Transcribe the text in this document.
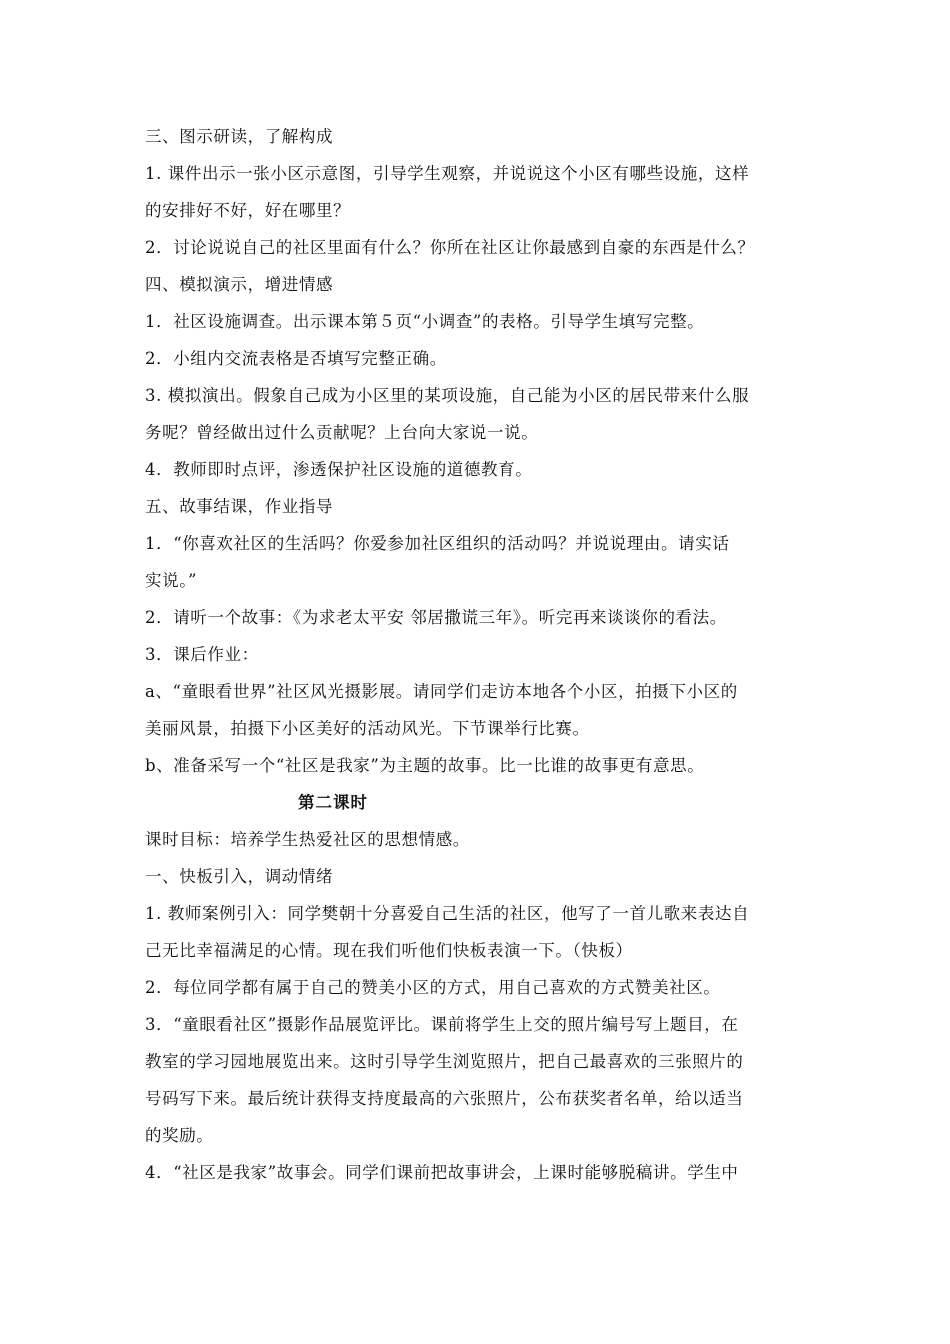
三、图示研读，了解构成
1. 课件出示一张小区示意图，引导学生观察，并说说这个小区有哪些设施，这样
的安排好不好，好在哪里？
2．讨论说说自己的社区里面有什么？你所在社区让你最感到自豪的东西是什么？
四、模拟演示，增进情感
1．社区设施调查。出示课本第５页“小调查”的表格。引导学生填写完整。
2．小组内交流表格是否填写完整正确。
3. 模拟演出。假象自己成为小区里的某项设施，自己能为小区的居民带来什么服
务呢？曾经做出过什么贡献呢？上台向大家说一说。
4．教师即时点评，渗透保护社区设施的道德教育。
五、故事结课，作业指导
1．“你喜欢社区的生活吗？你爱参加社区组织的活动吗？并说说理由。请实话
实说。”
2．请听一个故事：《为求老太平安 邻居撒谎三年》。听完再来谈谈你的看法。
3．课后作业：
a、“童眼看世界”社区风光摄影展。请同学们走访本地各个小区，拍摄下小区的
美丽风景，拍摄下小区美好的活动风光。下节课举行比赛。
b、准备采写一个“社区是我家”为主题的故事。比一比谁的故事更有意思。
第二课时
课时目标：培养学生热爱社区的思想情感。
一、快板引入，调动情绪
1. 教师案例引入：同学樊朝十分喜爱自己生活的社区，他写了一首儿歌来表达自
己无比幸福满足的心情。现在我们听他们快板表演一下。（快板）
2．每位同学都有属于自己的赞美小区的方式，用自己喜欢的方式赞美社区。
3．“童眼看社区”摄影作品展览评比。课前将学生上交的照片编号写上题目，在
教室的学习园地展览出来。这时引导学生浏览照片，把自己最喜欢的三张照片的
号码写下来。最后统计获得支持度最高的六张照片，公布获奖者名单，给以适当
的奖励。
4．“社区是我家”故事会。同学们课前把故事讲会，上课时能够脱稿讲。学生中
